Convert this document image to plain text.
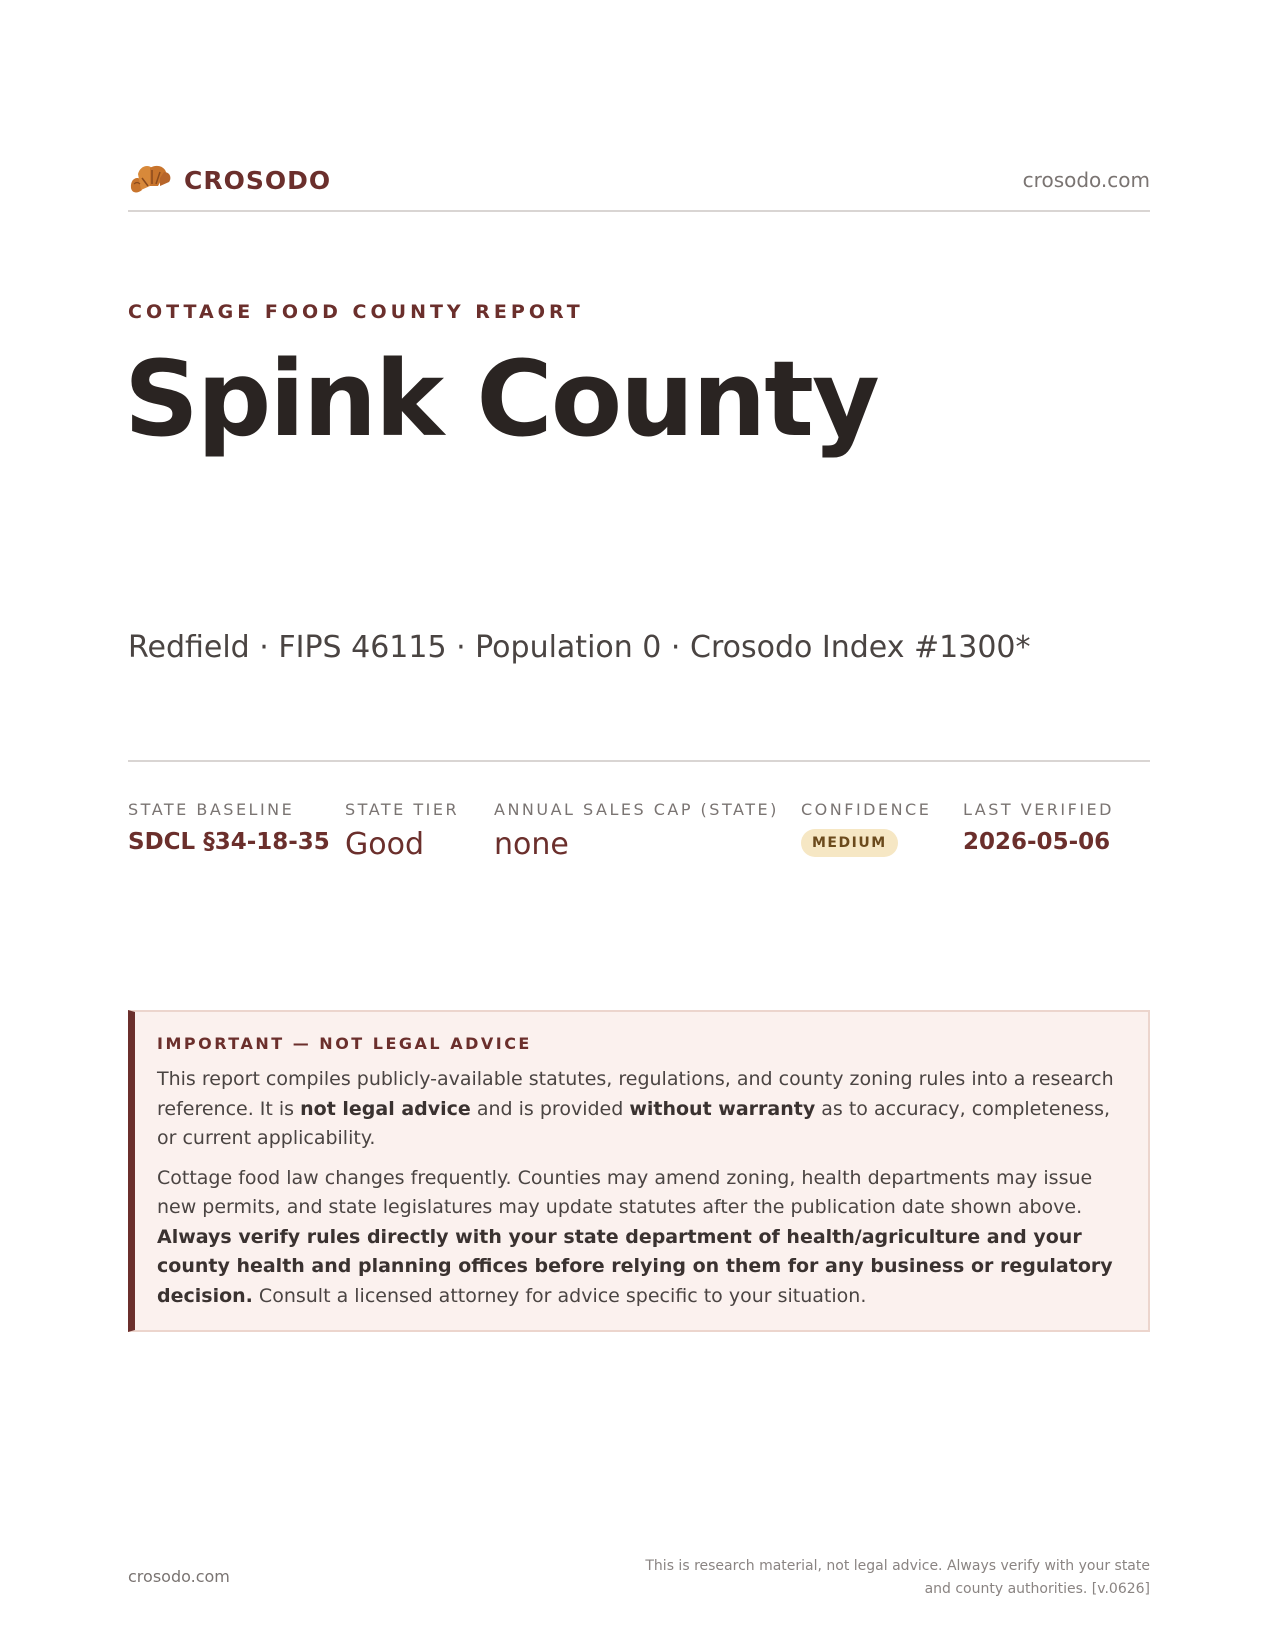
CROSODO	crosodo.com
COTTAGE FOOD COUNTY REPORT
Spink County
Redfield · FIPS 46115 · Population 0 · Crosodo Index #1300*
STATE BASELINE
SDCL §34-18-35
STATE TIER
Good
ANNUAL SALES CAP (STATE)
none
CONFIDENCE
MEDIUM
LAST VERIFIED
2026-05-06
IMPORTANT — NOT LEGAL ADVICE

This report compiles publicly-available statutes, regulations, and county zoning rules into a research reference. It is not legal advice and is provided without warranty as to accuracy, completeness, or current applicability.

Cottage food law changes frequently. Counties may amend zoning, health departments may issue new permits, and state legislatures may update statutes after the publication date shown above. Always verify rules directly with your state department of health/agriculture and your county health and planning offices before relying on them for any business or regulatory decision. Consult a licensed attorney for advice specific to your situation.

crosodo.com
This is research material, not legal advice. Always verify with your state
and county authorities. [v.0626]
